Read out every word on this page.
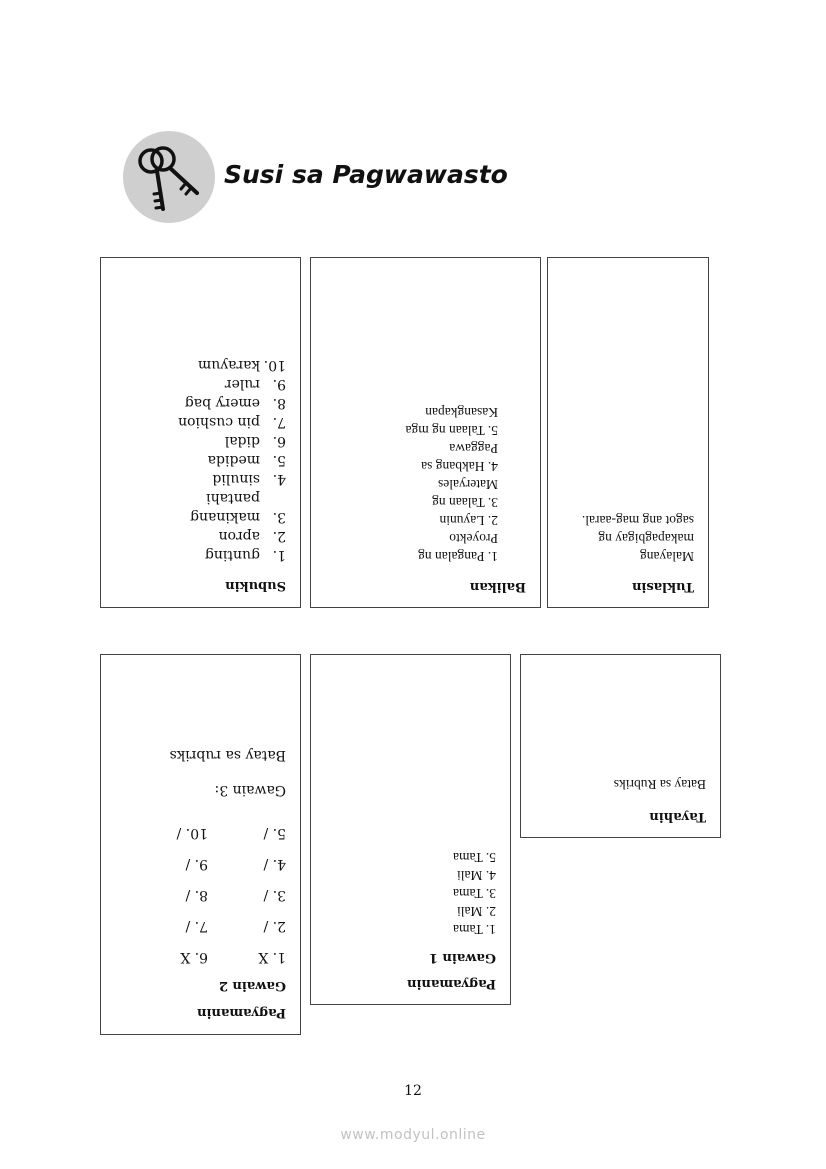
Susi sa Pagwawasto
Subukin
1.
gunting
2.
apron
3.
makinang pantahi
4.
sinulid
5.
medida
6.
didal
7.
pin cushion
8.
emery bag
9.
ruler
10.
karayum
Balikan
1. Pangalan ng Proyekto
2. Layunin
3. Talaan ng Materyales
4. Hakbang sa Paggawa
5. Talaan ng mga Kasangkapan
Tuklasin
Malayang makapagbigay ng sagot ang mag-aaral.
Pagyamanin
Gawain 2
1. X
6. X
2. /
7. /
3. /
8. /
4. /
9. /
5. /
10. /
Gawain 3:
Batay sa rubriks
Pagyamanin
Gawain 1
1. Tama
2. Mali
3. Tama
4. Mali
5. Tama
Tayahin
Batay sa Rubriks
12
www.modyul.online
